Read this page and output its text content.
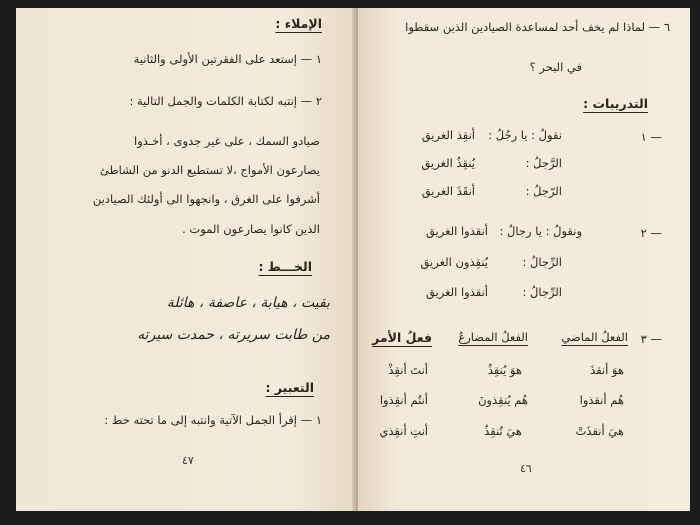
الإملاء :
١ — إستعد على الفقرتين الأولى والثانية
٢ — إنتبه لكتابة الكلمات والجمل التالية :
صيادو السمك ، على غير جدوى ، أخـذوا
يصارعون الأمواج ،لا تستطيع الدنو من الشاطئ
أشرفوا على الغرق ، وانجهوا الى أولئك الصيادين
الذين كانوا يصارعون الموت .
الخـــط :
بقيت ، هيابة ، عاصفة ، هائلة
من طابت سريرته ، حمدت سيرته
التعبير :
١ — إقرأ الجمل الآتية وانتبه إلى ما تحته خط :
٤٧
٦ — لماذا لم يخف أحد لمساعدة الصيادين الذين سقطوا
في البحر ؟
التدريبات :
١ —
نقولُ : يا رجُلُ :
أنقِذ الغريق
الرَّجلُ :
يُنقِذُ الغريق
الرّجلُ :
أنقَذَ الغريق
٢ —
ونقولُ : يا رجالُ :
أنقذوا الغريق
الرِّجالُ :
يُنقِذون الغريق
الرِّجالُ :
أنقذوا الغريق
٣ —
الفعلُ الماضي
الفعلُ المضارعُ
فعلُ الأمر
هوَ أنقذَ
هوَ يُنقِذُ
أنتَ أنقِذْ
هُم أنقذوا
هُم يُنقِذونَ
أنتُم أنقِذوا
هيَ أنقذَتْ
هيَ تُنقِذُ
أنتِ أنقِذي
٤٦
